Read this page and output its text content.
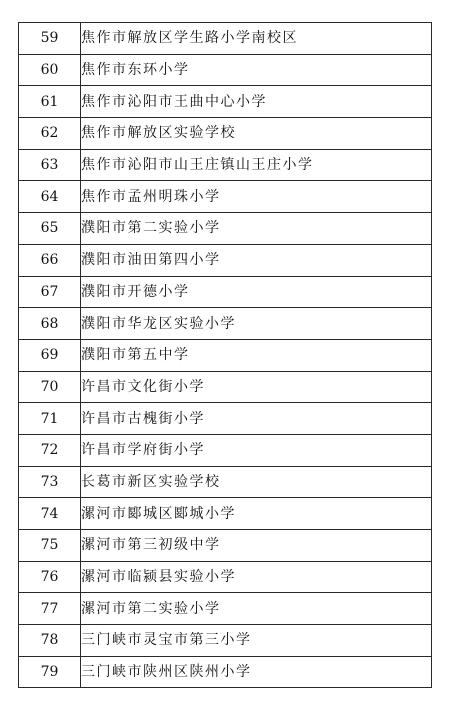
59	焦作市解放区学生路小学南校区
60	焦作市东环小学
61	焦作市沁阳市王曲中心小学
62	焦作市解放区实验学校
63	焦作市沁阳市山王庄镇山王庄小学
64	焦作市孟州明珠小学
65	濮阳市第二实验小学
66	濮阳市油田第四小学
67	濮阳市开德小学
68	濮阳市华龙区实验小学
69	濮阳市第五中学
70	许昌市文化街小学
71	许昌市古槐街小学
72	许昌市学府街小学
73	长葛市新区实验学校
74	漯河市郾城区郾城小学
75	漯河市第三初级中学
76	漯河市临颍县实验小学
77	漯河市第二实验小学
78	三门峡市灵宝市第三小学
79	三门峡市陕州区陕州小学
